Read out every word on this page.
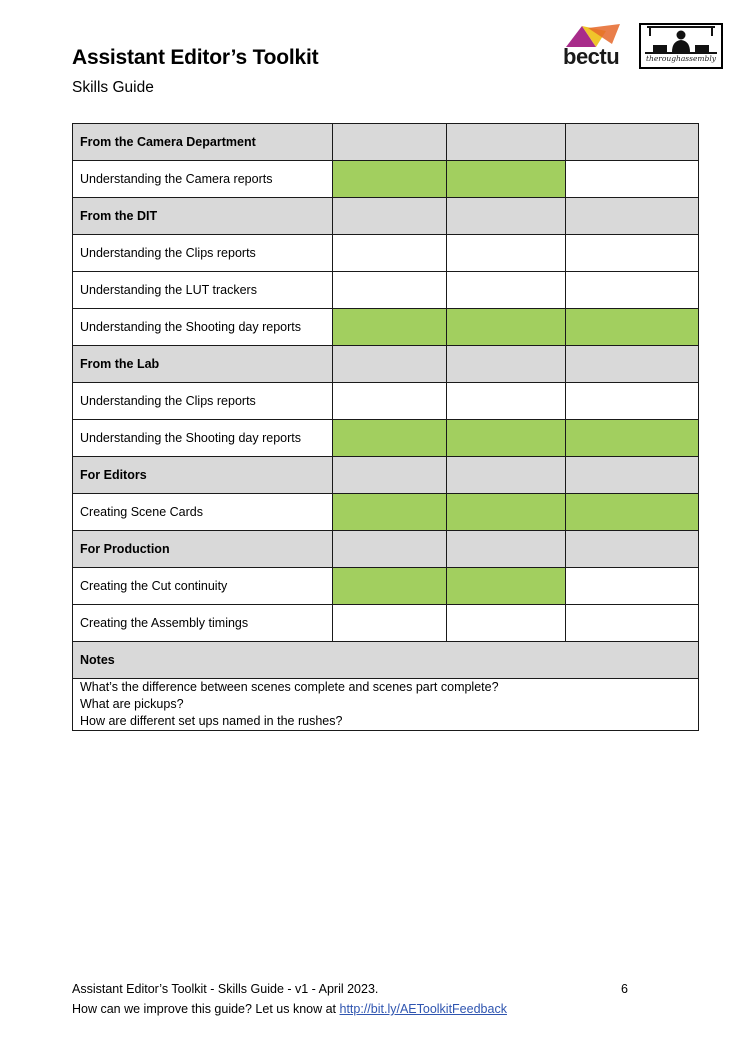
Assistant Editor’s Toolkit
Skills Guide
bectu	theroughassembly
From the Camera Department			
Understanding the Camera reports			
From the DIT			
Understanding the Clips reports			
Understanding the LUT trackers			
Understanding the Shooting day reports			
From the Lab			
Understanding the Clips reports			
Understanding the Shooting day reports			
For Editors			
Creating Scene Cards			
For Production			
Creating the Cut continuity			
Creating the Assembly timings			
Notes			

What’s the difference between scenes complete and scenes part complete?
What are pickups?
How are different set ups named in the rushes?			
Assistant Editor’s Toolkit - Skills Guide - v1 - April 2023.
How can we improve this guide? Let us know at http://bit.ly/AEToolkitFeedback
6
